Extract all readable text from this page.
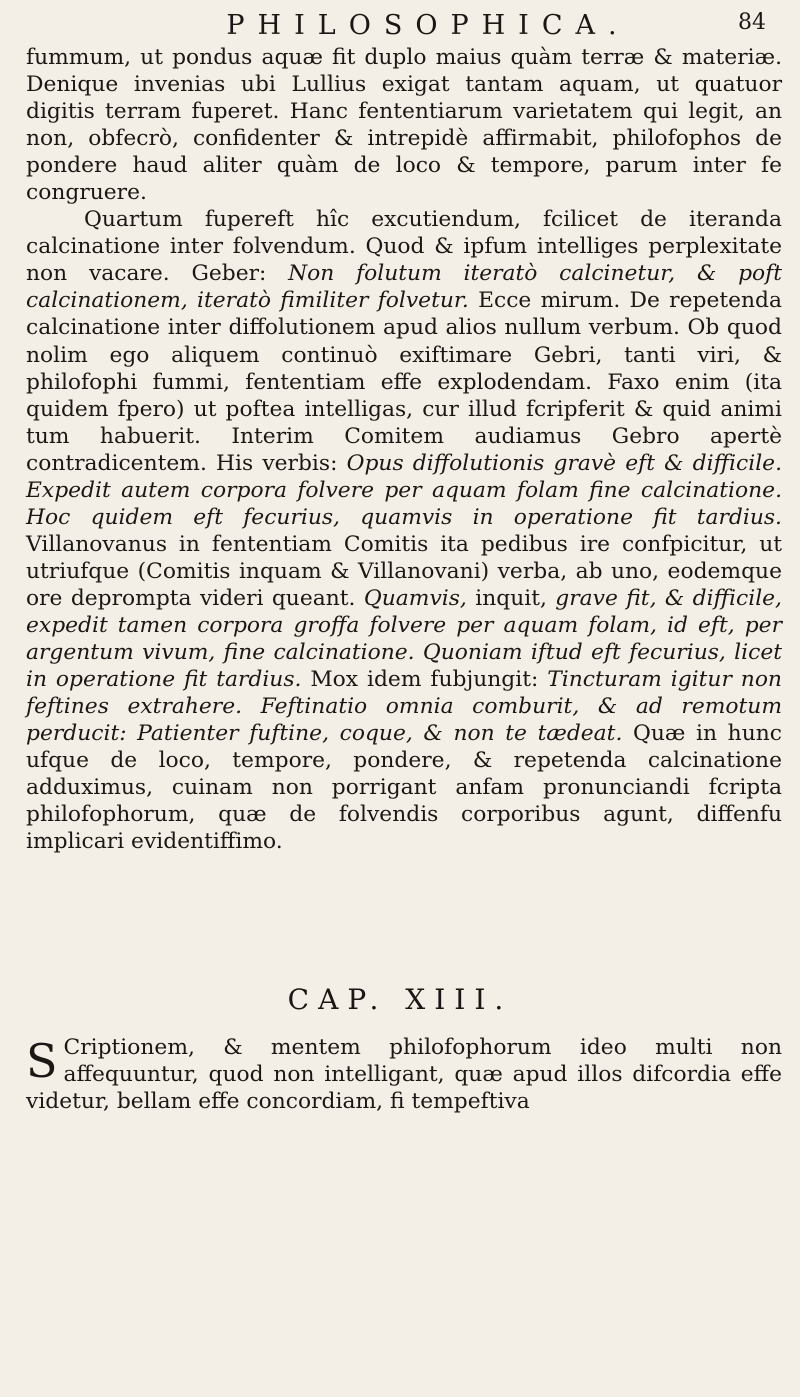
PHILOSOPHICA.	84

fummum, ut pondus aquæ fit duplo maius quàm terræ & materiæ. Denique invenias ubi Lullius exigat tantam aquam, ut quatuor digitis terram fuperet. Hanc fententiarum varietatem qui legit, an non, obfecrò, confidenter & intrepidè affirmabit, philofophos de pondere haud aliter quàm de loco & tempore, parum inter fe congruere.

Quartum fupereft hîc excutiendum, fcilicet de iteranda calcinatione inter folvendum. Quod & ipfum intelliges perplexitate non vacare. Geber: Non folutum iteratò calcinetur, & poft calcinationem, iteratò fimiliter folvetur. Ecce mirum. De repetenda calcinatione inter diffolutionem apud alios nullum verbum. Ob quod nolim ego aliquem continuò exiftimare Gebri, tanti viri, & philofophi fummi, fententiam effe explodendam. Faxo enim (ita quidem fpero) ut poftea intelligas, cur illud fcripferit & quid animi tum habuerit. Interim Comitem audiamus Gebro apertè contradicentem. His verbis: Opus diffolutionis gravè eft & difficile. Expedit autem corpora folvere per aquam folam fine calcinatione. Hoc quidem eft fecurius, quamvis in operatione fit tardius. Villanovanus in fententiam Comitis ita pedibus ire confpicitur, ut utriufque (Comitis inquam & Villanovani) verba, ab uno, eodemque ore deprompta videri queant. Quamvis, inquit, grave fit, & difficile, expedit tamen corpora groffa folvere per aquam folam, id eft, per argentum vivum, fine calcinatione. Quoniam iftud eft fecurius, licet in operatione fit tardius. Mox idem fubjungit: Tincturam igitur non feftines extrahere. Feftinatio omnia comburit, & ad remotum perducit: Patienter fuftine, coque, & non te tædeat. Quæ in hunc ufque de loco, tempore, pondere, & repetenda calcinatione adduximus, cuinam non porrigant anfam pronunciandi fcripta philofophorum, quæ de folvendis corporibus agunt, diffenfu implicari evidentiffimo.

CAP. XIII.
S Criptionem, & mentem philofophorum ideo multi non affequuntur, quod non intelligant, quæ apud illos difcordia effe videtur, bellam effe concordiam, fi tempeftiva
